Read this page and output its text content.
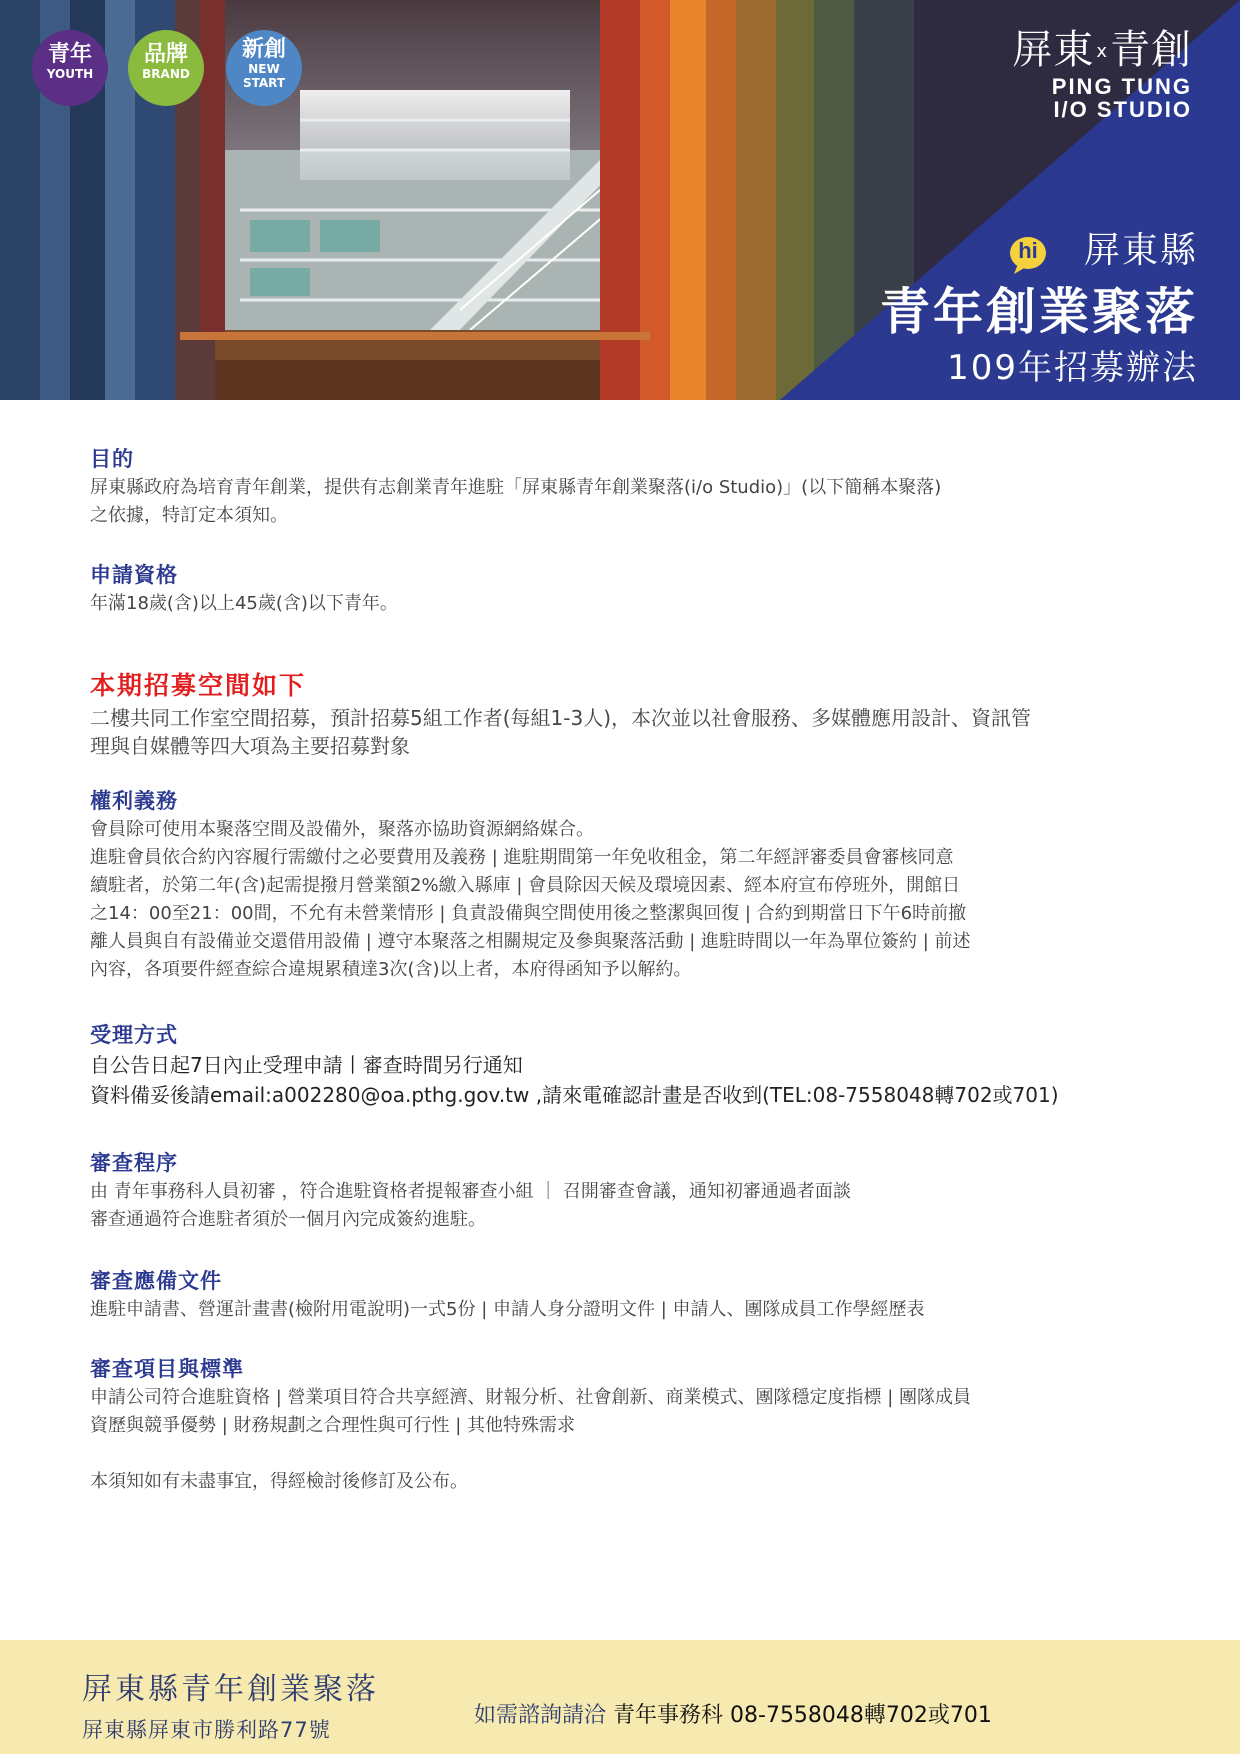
青年
YOUTH
品牌
BRAND
新創
NEW
START
屏東 x青創
PING TUNG
I/O STUDIO
hi 屏東縣
青年創業聚落
109年招募辦法
目的
屏東縣政府為培育青年創業，提供有志創業青年進駐「屏東縣青年創業聚落(i/o Studio)」(以下簡稱本聚落)
之依據，特訂定本須知。
申請資格
年滿18歲(含)以上45歲(含)以下青年。
本期招募空間如下
二樓共同工作室空間招募，預計招募5組工作者(每組1-3人)，本次並以社會服務、多媒體應用設計、資訊管
理與自媒體等四大項為主要招募對象
權利義務
會員除可使用本聚落空間及設備外，聚落亦協助資源網絡媒合。
進駐會員依合約內容履行需繳付之必要費用及義務 | 進駐期間第一年免收租金，第二年經評審委員會審核同意
續駐者，於第二年(含)起需提撥月營業額2%繳入縣庫 | 會員除因天候及環境因素、經本府宣布停班外，開館日
之14：00至21：00間，不允有未營業情形 | 負責設備與空間使用後之整潔與回復 | 合約到期當日下午6時前撤
離人員與自有設備並交還借用設備 | 遵守本聚落之相關規定及參與聚落活動 | 進駐時間以一年為單位簽約 | 前述
內容，各項要件經查綜合違規累積達3次(含)以上者，本府得函知予以解約。
受理方式
自公告日起7日內止受理申請丨審查時間另行通知
資料備妥後請email:a002280@oa.pthg.gov.tw ,請來電確認計畫是否收到(TEL:08-7558048轉702或701)
審查程序
由 青年事務科人員初審 ，符合進駐資格者提報審查小組 ｜ 召開審查會議，通知初審通過者面談
審查通過符合進駐者須於一個月內完成簽約進駐。
審查應備文件
進駐申請書、營運計畫書(檢附用電說明)一式5份 | 申請人身分證明文件 | 申請人、團隊成員工作學經歷表
審查項目與標準
申請公司符合進駐資格 | 營業項目符合共享經濟、財報分析、社會創新、商業模式、團隊穩定度指標 | 團隊成員
資歷與競爭優勢 | 財務規劃之合理性與可行性 | 其他特殊需求
本須知如有未盡事宜，得經檢討後修訂及公布。
屏東縣青年創業聚落
屏東縣屏東市勝利路77號
如需諮詢請洽 青年事務科 08-7558048轉702或701
